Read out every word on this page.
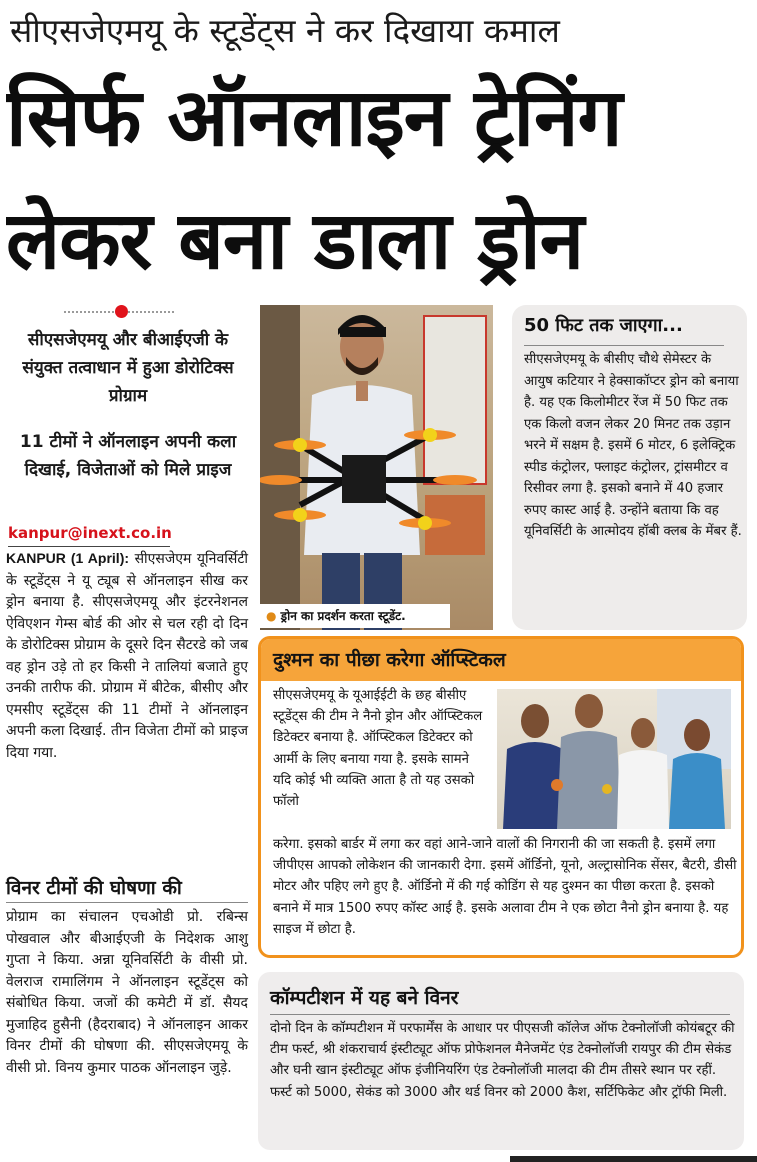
सीएसजेएमयू के स्टूडेंट्स ने कर दिखाया कमाल
सिर्फ ऑनलाइन ट्रेनिंग
लेकर बना डाला ड्रोन
सीएसजेएमयू और बीआईएजी के संयुक्त तत्वाधान में हुआ डोरोटिक्स प्रोग्राम
11 टीमों ने ऑनलाइन अपनी कला दिखाई, विजेताओं को मिले प्राइज
kanpur@inext.co.in
KANPUR (1 April): सीएसजेएम यूनिवर्सिटी के स्टूडेंट्स ने यू ट्यूब से ऑनलाइन सीख कर ड्रोन बनाया है. सीएसजेएमयू और इंटरनेशनल ऐविएशन गेम्स बोर्ड की ओर से चल रही दो दिन के डोरोटिक्स प्रोग्राम के दूसरे दिन सैटरडे को जब वह ड्रोन उड़े तो हर किसी ने तालियां बजाते हुए उनकी तारीफ की. प्रोग्राम में बीटेक, बीसीए और एमसीए स्टूडेंट्स की 11 टीमों ने ऑनलाइन अपनी कला दिखाई. तीन विजेता टीमों को प्राइज दिया गया.
विनर टीमों की घोषणा की
प्रोग्राम का संचालन एचओडी प्रो. रबिन्स पोखवाल और बीआईएजी के निदेशक आशु गुप्ता ने किया. अन्ना यूनिवर्सिटी के वीसी प्रो. वेलराज रामालिंगम ने ऑनलाइन स्टूडेंट्स को संबोधित किया. जजों की कमेटी में डॉ. सैयद मुजाहिद हुसैनी (हैदराबाद) ने ऑनलाइन आकर विनर टीमों की घोषणा की. सीएसजेएमयू के वीसी प्रो. विनय कुमार पाठक ऑनलाइन जुड़े.
● ड्रोन का प्रदर्शन करता स्टूडेंट.
50 फिट तक जाएगा...
सीएसजेएमयू के बीसीए चौथे सेमेस्टर के आयुष कटियार ने हेक्साकॉप्टर ड्रोन को बनाया है. यह एक किलोमीटर रेंज में 50 फिट तक एक किलो वजन लेकर 20 मिनट तक उड़ान भरने में सक्षम है. इसमें 6 मोटर, 6 इलेक्ट्रिक स्पीड कंट्रोलर, फ्लाइट कंट्रोलर, ट्रांसमीटर व रिसीवर लगा है. इसको बनाने में 40 हजार रुपए कास्ट आई है. उन्होंने बताया कि वह यूनिवर्सिटी के आत्मोदय हॉबी क्लब के मेंबर हैं.
दुश्मन का पीछा करेगा ऑप्स्टिकल
सीएसजेएमयू के यूआईईटी के छह बीसीए स्टूडेंट्स की टीम ने नैनो ड्रोन और ऑप्स्टिकल डिटेक्टर बनाया है. ऑप्स्टिकल डिटेक्टर को आर्मी के लिए बनाया गया है. इसके सामने यदि कोई भी व्यक्ति आता है तो यह उसको फॉलो
करेगा. इसको बार्डर में लगा कर वहां आने-जाने वालों की निगरानी की जा सकती है. इसमें लगा जीपीएस आपको लोकेशन की जानकारी देगा. इसमें ऑर्डिनो, यूनो, अल्ट्रासोनिक सेंसर, बैटरी, डीसी मोटर और पहिए लगे हुए है. ऑर्डिनो में की गई कोडिंग से यह दुश्मन का पीछा करता है. इसको बनाने में मात्र 1500 रुपए कॉस्ट आई है. इसके अलावा टीम ने एक छोटा नैनो ड्रोन बनाया है. यह साइज में छोटा है.
कॉम्पटीशन में यह बने विनर
दोनो दिन के कॉम्पटीशन में परफार्मेंस के आधार पर पीएसजी कॉलेज ऑफ टेक्नोलॉजी कोयंबटूर की टीम फर्स्ट, श्री शंकराचार्य इंस्टीट्यूट ऑफ प्रोफेशनल मैनेजमेंट एंड टेक्नोलॉजी रायपुर की टीम सेकंड और घनी खान इंस्टीट्यूट ऑफ इंजीनियरिंग एंड टेक्नोलॉजी मालदा की टीम तीसरे स्थान पर रहीं. फर्स्ट को 5000, सेकंड को 3000 और थर्ड विनर को 2000 कैश, सर्टिफिकेट और ट्रॉफी मिली.
